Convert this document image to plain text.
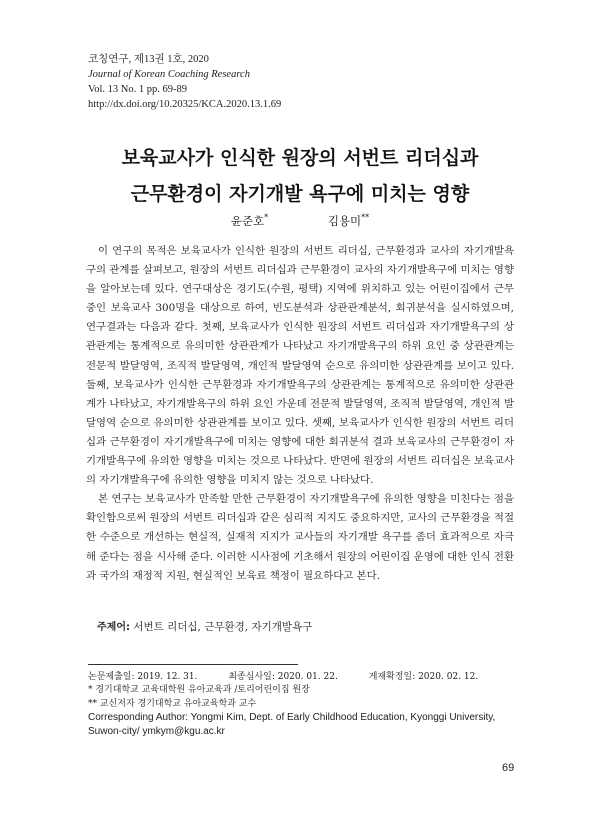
코칭연구, 제13권 1호, 2020
Journal of Korean Coaching Research
Vol. 13 No. 1 pp. 69-89
http://dx.doi.org/10.20325/KCA.2020.13.1.69
보육교사가 인식한 원장의 서번트 리더십과
근무환경이 자기개발 욕구에 미치는 영향
윤준호*	김용미**

이 연구의 목적은 보육교사가 인식한 원장의 서번트 리더십, 근무환경과 교사의 자기개발욕구의 관계를 살펴보고, 원장의 서번트 리더십과 근무환경이 교사의 자기개발욕구에 미치는 영향을 알아보는데 있다. 연구대상은 경기도(수원, 평택) 지역에 위치하고 있는 어린이집에서 근무 중인 보육교사 300명을 대상으로 하여, 빈도분석과 상관관계분석, 회귀분석을 실시하였으며, 연구결과는 다음과 같다. 첫째, 보육교사가 인식한 원장의 서번트 리더십과 자기개발욕구의 상관관계는 통계적으로 유의미한 상관관계가 나타났고 자기개발욕구의 하위 요인 중 상관관계는 전문적 발달영역, 조직적 발달영역, 개인적 발달영역 순으로 유의미한 상관관계를 보이고 있다. 둘째, 보육교사가 인식한 근무환경과 자기개발욕구의 상관관계는 통계적으로 유의미한 상관관계가 나타났고, 자기개발욕구의 하위 요인 가운데 전문적 발달영역, 조직적 발달영역, 개인적 발달영역 순으로 유의미한 상관관계를 보이고 있다. 셋째, 보육교사가 인식한 원장의 서번트 리더십과 근무환경이 자기개발욕구에 미치는 영향에 대한 회귀분석 결과 보육교사의 근무환경이 자기개발욕구에 유의한 영향을 미치는 것으로 나타났다. 반면에 원장의 서번트 리더십은 보육교사의 자기개발욕구에 유의한 영향을 미치지 않는 것으로 나타났다.

본 연구는 보육교사가 만족할 만한 근무환경이 자기개발욕구에 유의한 영향을 미친다는 점을 확인함으로써 원장의 서번트 리더십과 같은 심리적 지지도 중요하지만, 교사의 근무환경을 적절한 수준으로 개선하는 현실적, 실재적 지지가 교사들의 자기개발 욕구를 좀더 효과적으로 자극해 준다는 점을 시사해 준다. 이러한 시사점에 기초해서 원장의 어린이집 운영에 대한 인식 전환과 국가의 재정적 지원, 현실적인 보육료 책정이 필요하다고 본다.

주제어: 서번트 리더십, 근무환경, 자기개발욕구
논문제출일: 2019. 12. 31.	최종심사일: 2020. 01. 22.	게재확정일: 2020. 02. 12.
* 경기대학교 교육대학원 유아교육과 /토리어린이집 원장
** 교신저자 경기대학교 유아교육학과 교수
Corresponding Author: Yongmi Kim, Dept. of Early Childhood Education, Kyonggi University,
Suwon-city/ ymkym@kgu.ac.kr
69
